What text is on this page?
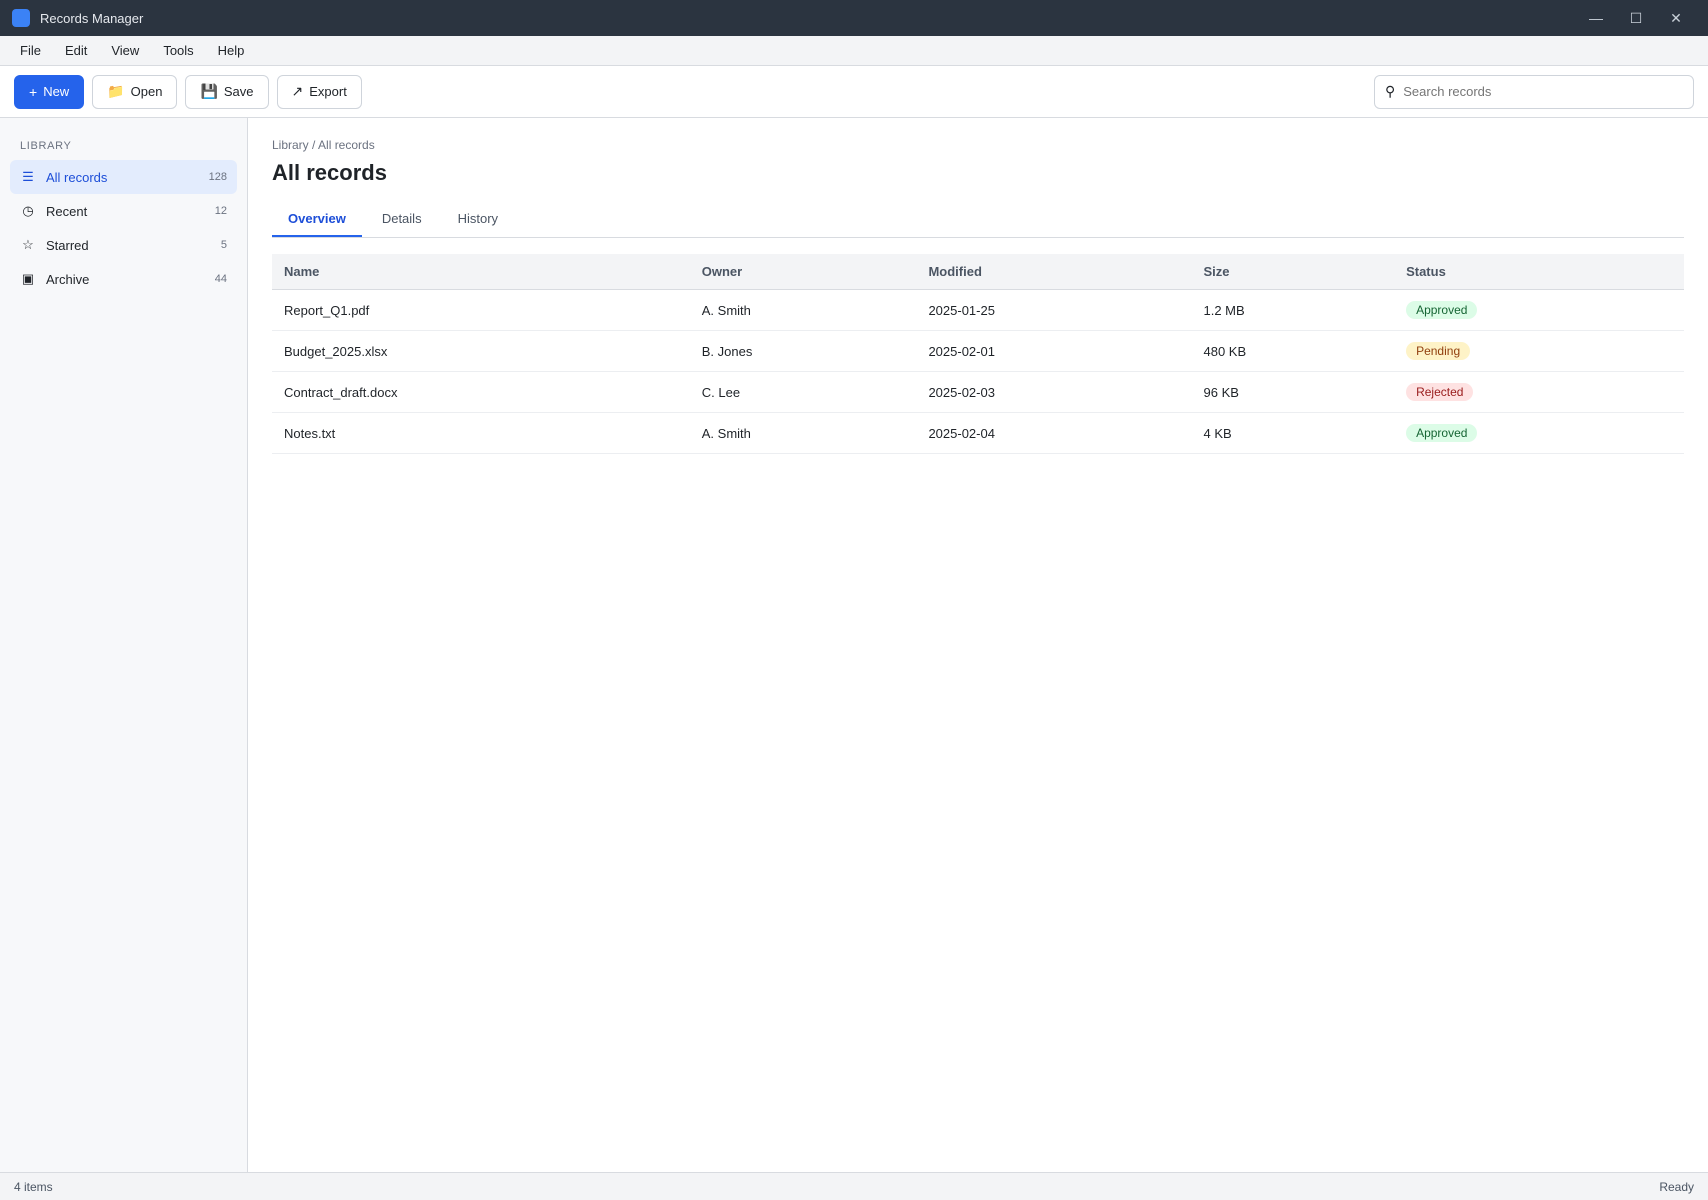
Records Manager	—	☐	✕
File	Edit	View	Tools	Help
+ New	📁 Open	💾 Save	↗ Export	⚲
Search records
LIBRARY
☰ All records	128
◷ Recent	12
☆ Starred	5
▣ Archive	44
Library / All records
All records
Overview	Details	History
Name	Owner	Modified	Size	Status
Report_Q1.pdf	A. Smith	2025-01-25	1.2 MB	Approved
Budget_2025.xlsx	B. Jones	2025-02-01	480 KB	Pending
Contract_draft.docx	C. Lee	2025-02-03	96 KB	Rejected
Notes.txt	A. Smith	2025-02-04	4 KB	Approved
4 items	Ready
